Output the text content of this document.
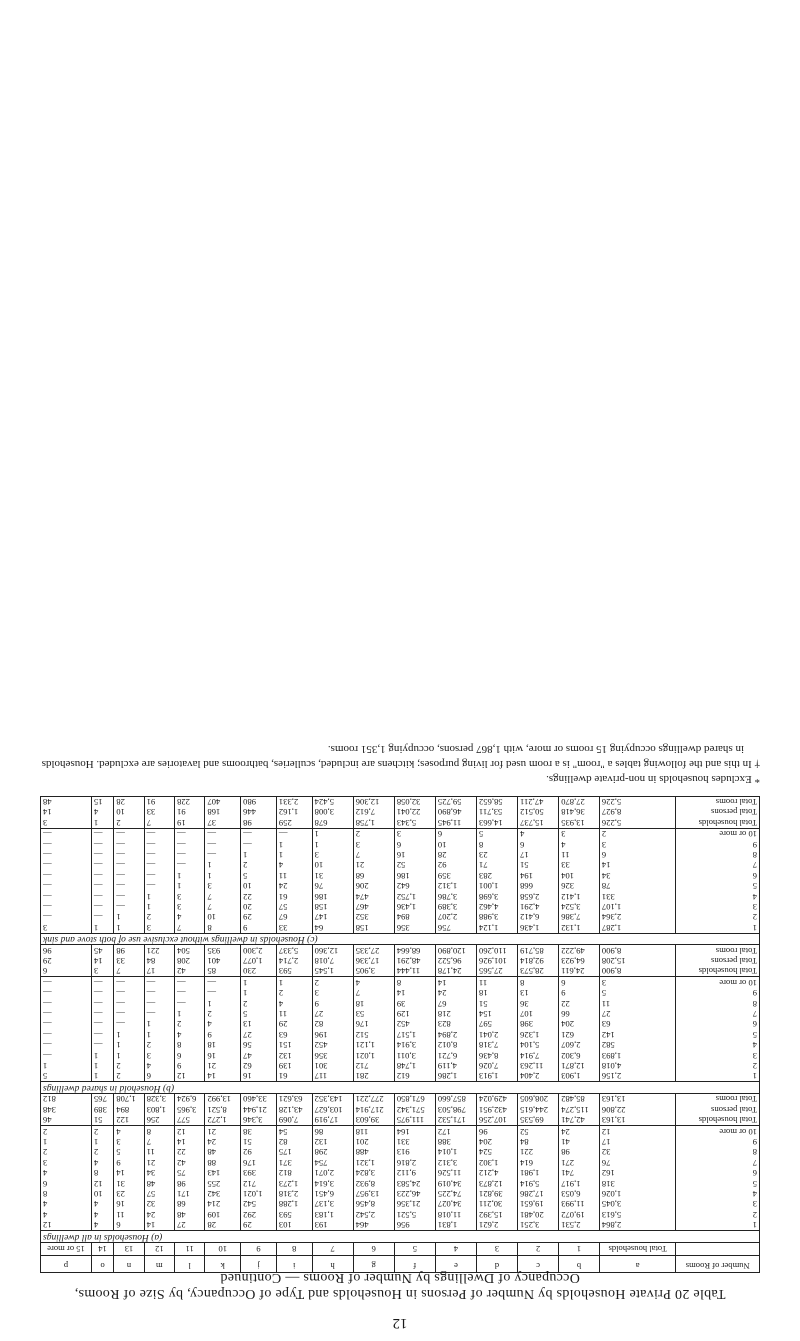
12
Table 20 Private Households by Number of Persons in Households and Type of Occupancy, by Size of Rooms, Occupancy of Dwellings by Number of Rooms — Continued
Number of Rooms	a	b	c	d	e	f	g	h	i	j	k	l	m	n	o	p
	Total households	1	2	3	4	5	6	7	8	9	10	11	12	13	14	15 or more
(a) Households in all dwellings																
1	2,864	2,531	3,251	2,621	1,831	956	464	193	103	29	28	27	14	6	4	12
2	5,613	19,072	20,481	15,392	11,018	5,521	2,542	1,183	593	292	109	48	24	11	4	4
3	3,045	11,993	19,651	30,211	34,027	21,356	8,456	3,137	1,288	542	214	68	32	16	4	4
4	1,026	6,053	17,286	39,821	74,225	46,223	13,957	6,451	2,318	1,021	342	171	57	23	10	8
5	318	1,917	5,914	12,873	34,019	24,583	8,932	3,614	1,273	712	255	98	48	31	12	6
6	162	741	1,981	4,212	11,526	9,112	3,824	2,071	812	393	143	75	34	14	8	4
7	76	271	614	1,302	3,312	2,816	1,321	754	371	176	88	42	21	9	4	3
8	32	98	221	524	1,014	913	488	298	175	92	48	22	11	5	2	2
9	17	41	84	204	388	331	201	132	82	51	24	14	7	3	1	1
10 or more	12	24	52	96	172	164	118	86	54	38	21	12	8	4	2	2
Total households	13,163	42,741	69,535	107,256	171,532	111,975	39,603	17,919	7,069	3,346	1,272	577	256	122	51	46
Total persons	22,806	115,274	244,615	432,951	798,503	571,342	217,914	103,627	43,128	21,944	8,521	3,965	1,803	894	389	348
Total rooms	13,163	85,482	208,605	429,024	857,660	671,850	277,221	143,352	63,621	33,460	13,992	6,924	3,328	1,708	765	812
(b) Household in shared dwellings																
1	2,156	1,903	2,404	1,913	1,286	612	281	117	61	16	14	12	6	2	1	5
2	4,018	12,871	11,263	7,026	4,119	1,748	712	301	139	62	21	9	4	2	1	1
3	1,893	6,302	7,914	8,436	6,721	3,011	1,021	356	132	47	16	6	3	1	1	—
4	582	2,607	5,104	7,318	8,012	3,914	1,121	452	151	56	18	8	2	1	—	—
5	142	621	1,326	2,041	2,894	1,517	512	196	63	27	9	4	1	1	—	—
6	63	204	398	597	823	452	176	82	29	13	4	2	1	—	—	—
7	27	66	107	154	218	129	53	27	11	5	2	1	—	—	—	—
8	11	22	36	51	67	39	18	9	4	2	1	—	—	—	—	—
9	5	9	13	18	24	14	7	3	2	1	—	—	—	—	—	—
10 or more	3	6	8	11	14	8	4	2	1	1	—	—	—	—	—	—
Total households	8,900	24,611	28,573	27,565	24,178	11,444	3,905	1,545	593	230	85	42	17	7	3	6
Total persons	15,208	64,923	92,814	101,926	96,522	48,291	17,336	7,018	2,714	1,077	401	208	84	33	14	29
Total rooms	8,900	49,222	85,719	110,260	120,890	68,664	27,335	12,360	5,337	2,300	935	504	221	98	45	96
(c) Households in dwellings without exclusive use of both stove and sink																
1	1,287	1,132	1,436	1,124	756	356	158	64	33	9	8	7	3	1	1	3
2	2,364	7,386	6,412	3,988	2,207	894	352	147	67	29	10	4	2	1	—	—
3	1,107	3,524	4,291	4,462	3,389	1,436	467	158	57	20	7	3	1	—	—	—
4	331	1,412	2,658	3,698	3,786	1,752	474	186	61	22	7	3	1	—	—	—
5	78	326	668	1,001	1,312	642	206	76	24	10	3	1	—	—	—	—
6	34	104	194	283	359	186	68	31	11	5	1	1	—	—	—	—
7	14	33	51	71	92	52	21	10	4	2	1	—	—	—	—	—
8	6	11	17	23	28	16	7	3	1	1	—	—	—	—	—	—
9	3	4	6	8	10	6	3	1	1	—	—	—	—	—	—	—
10 or more	2	3	4	5	6	3	2	1	—	—	—	—	—	—	—	—
Total households	5,226	13,935	15,737	14,663	11,945	5,343	1,758	678	259	98	37	19	7	2	1	3
Total persons	8,927	36,418	50,512	53,711	46,890	22,041	7,612	3,008	1,162	446	168	91	33	10	4	14
Total rooms	5,226	27,870	47,211	58,652	59,725	32,058	12,306	5,424	2,331	980	407	228	91	28	15	48

* Excludes households in non-private dwellings.

† In this and the following tables a "room" is a room used for living purposes; kitchens are included, sculleries, bathrooms and lavatories are excluded. Households in shared dwellings occupying 15 rooms or more, with 1,867 persons, occupying 1,351 rooms.
